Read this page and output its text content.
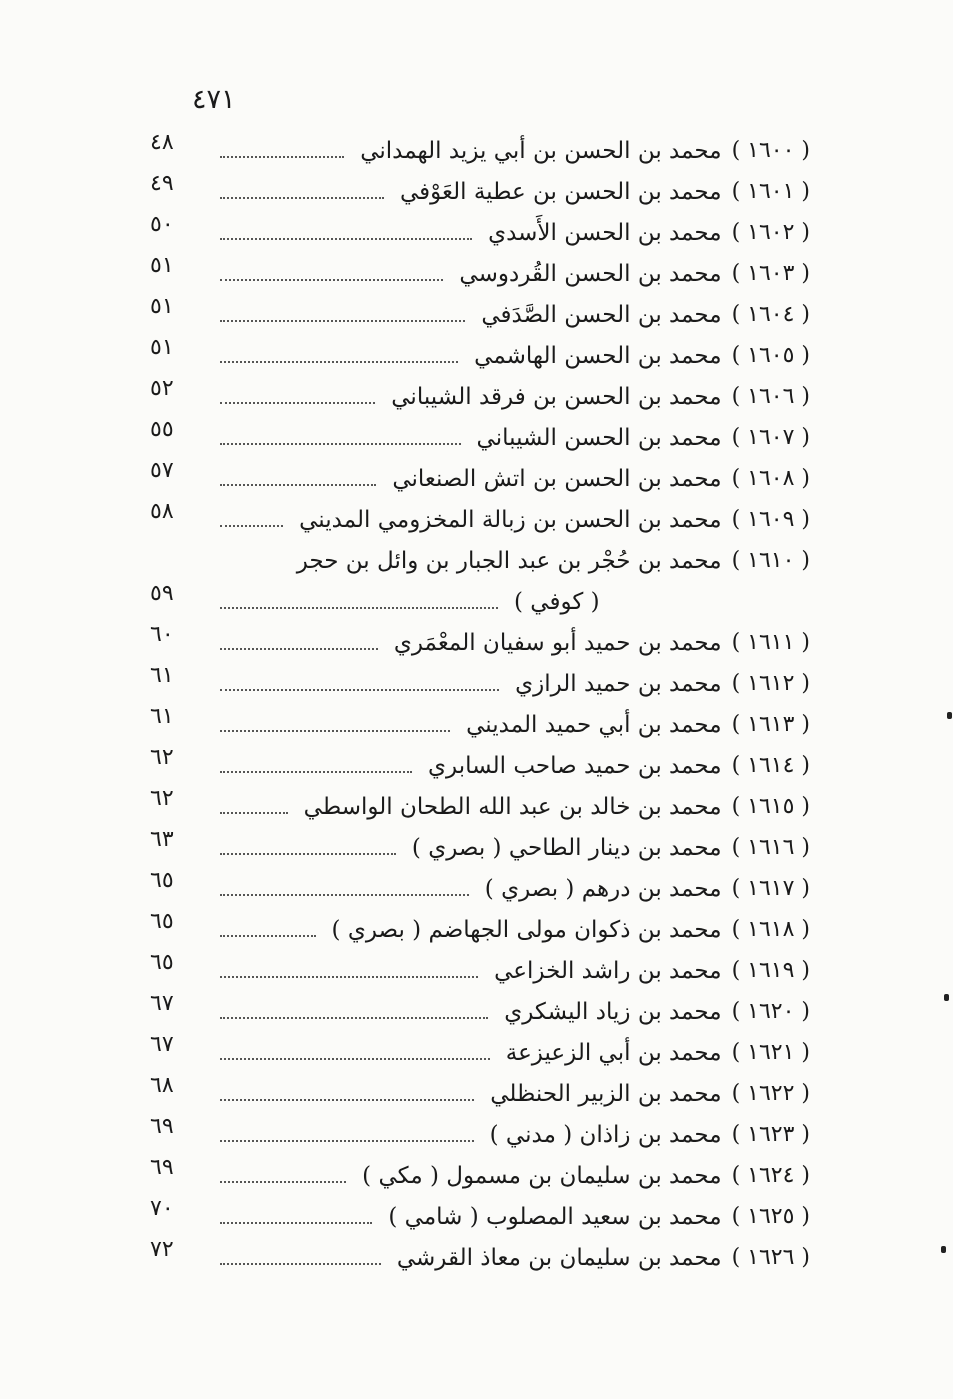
٤٧١
( ١٦٠٠ )
محمد بن الحسن بن أبي يزيد الهمداني
٤٨
( ١٦٠١ )
محمد بن الحسن بن عطية العَوْفي
٤٩
( ١٦٠٢ )
محمد بن الحسن الأَسدي
٥٠
( ١٦٠٣ )
محمد بن الحسن القُردوسي
٥١
( ١٦٠٤ )
محمد بن الحسن الصَّدَفي
٥١
( ١٦٠٥ )
محمد بن الحسن الهاشمي
٥١
( ١٦٠٦ )
محمد بن الحسن بن فرقد الشيباني
٥٢
( ١٦٠٧ )
محمد بن الحسن الشيباني
٥٥
( ١٦٠٨ )
محمد بن الحسن بن اتش الصنعاني
٥٧
( ١٦٠٩ )
محمد بن الحسن بن زبالة المخزومي المديني
٥٨
( ١٦١٠ )
محمد بن حُجْر بن عبد الجبار بن وائل بن حجر
( كوفي )
٥٩
( ١٦١١ )
محمد بن حميد أبو سفيان المعْمَري
٦٠
( ١٦١٢ )
محمد بن حميد الرازي
٦١
( ١٦١٣ )
محمد بن أبي حميد المديني
٦١
( ١٦١٤ )
محمد بن حميد صاحب السابري
٦٢
( ١٦١٥ )
محمد بن خالد بن عبد الله الطحان الواسطي
٦٢
( ١٦١٦ )
محمد بن دينار الطاحي ( بصري )
٦٣
( ١٦١٧ )
محمد بن درهم ( بصري )
٦٥
( ١٦١٨ )
محمد بن ذكوان مولى الجهاضم ( بصري )
٦٥
( ١٦١٩ )
محمد بن راشد الخزاعي
٦٥
( ١٦٢٠ )
محمد بن زياد اليشكري
٦٧
( ١٦٢١ )
محمد بن أبي الزعيزعة
٦٧
( ١٦٢٢ )
محمد بن الزبير الحنظلي
٦٨
( ١٦٢٣ )
محمد بن زاذان ( مدني )
٦٩
( ١٦٢٤ )
محمد بن سليمان بن مسمول ( مكي )
٦٩
( ١٦٢٥ )
محمد بن سعيد المصلوب ( شامي )
٧٠
( ١٦٢٦ )
محمد بن سليمان بن معاذ القرشي
٧٢
